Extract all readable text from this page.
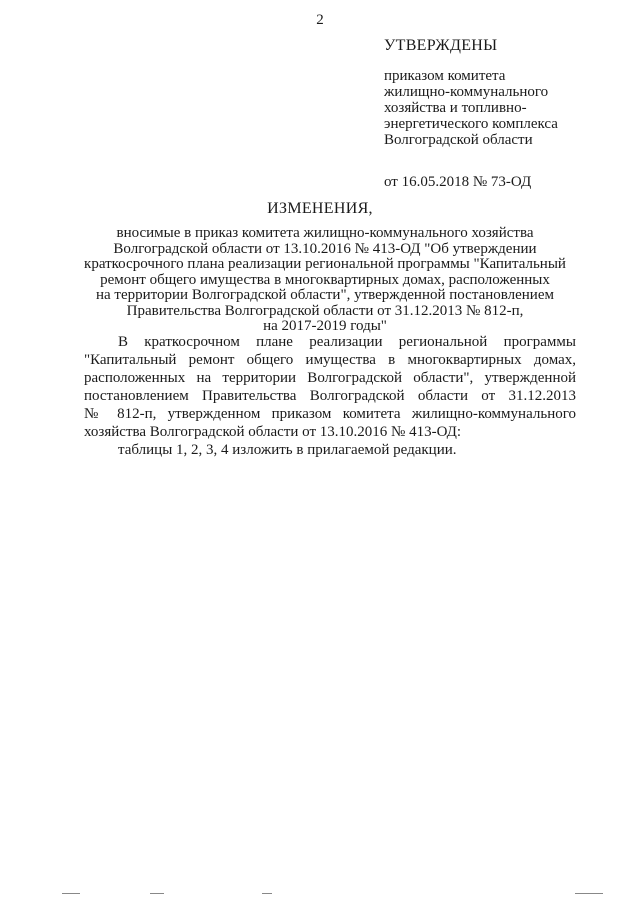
2
УТВЕРЖДЕНЫ
приказом комитета
жилищно-коммунального
хозяйства и топливно-
энергетического комплекса
Волгоградской области
от 16.05.2018 № 73-ОД
ИЗМЕНЕНИЯ,
вносимые в приказ комитета жилищно-коммунального хозяйства
Волгоградской области от 13.10.2016 № 413-ОД "Об утверждении
краткосрочного плана реализации региональной программы "Капитальный
ремонт общего имущества в многоквартирных домах, расположенных
на территории Волгоградской области", утвержденной постановлением
Правительства Волгоградской области от 31.12.2013 № 812-п,
на 2017-2019 годы"
В краткосрочном плане реализации региональной программы
"Капитальный ремонт общего имущества в многоквартирных домах,
расположенных на территории Волгоградской области", утвержденной
постановлением Правительства Волгоградской области от 31.12.2013
№ 812-п, утвержденном приказом комитета жилищно-коммунального
хозяйства Волгоградской области от 13.10.2016 № 413-ОД:
таблицы 1, 2, 3, 4 изложить в прилагаемой редакции.
